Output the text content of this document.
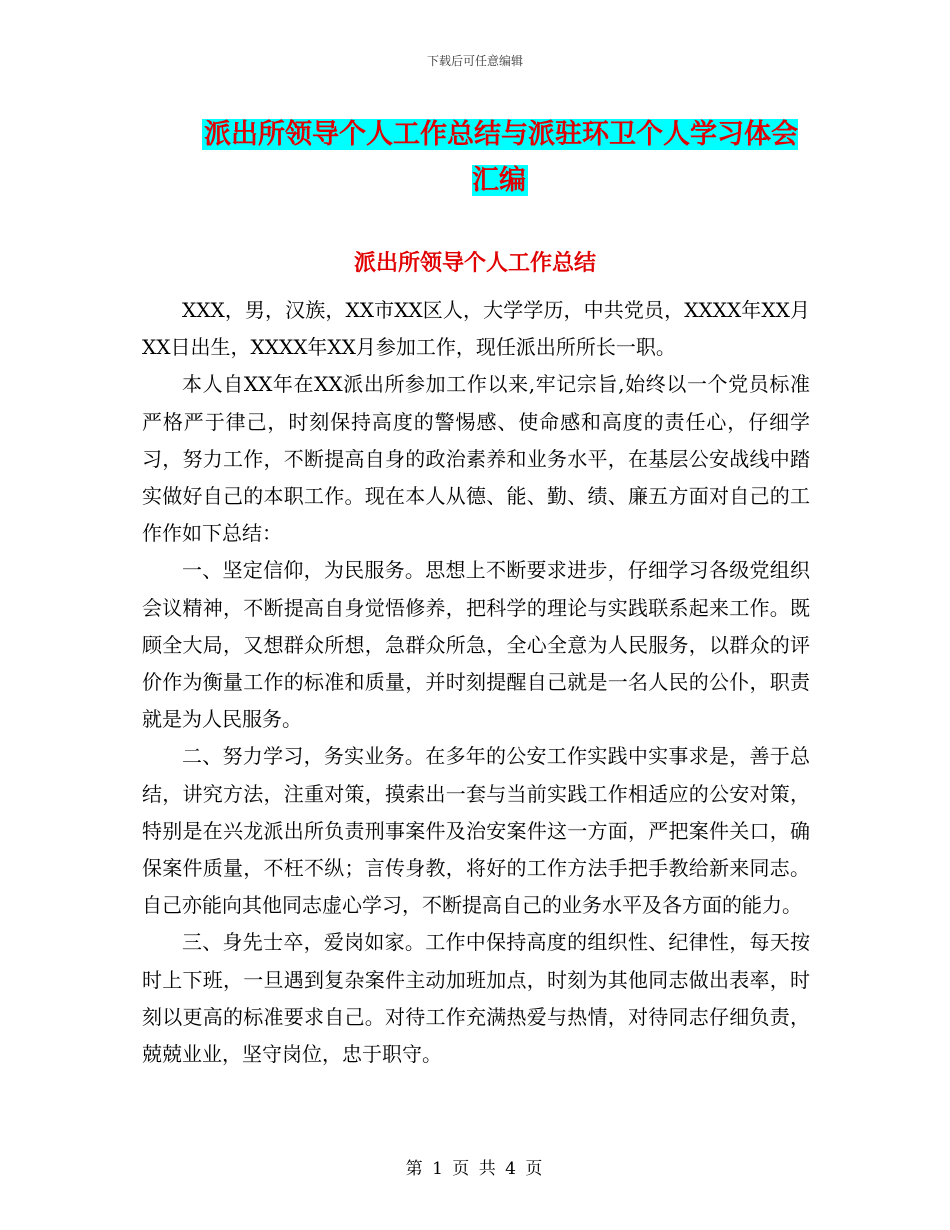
下载后可任意编辑
派出所领导个人工作总结与派驻环卫个人学习体会汇编
派出所领导个人工作总结

XXX，男，汉族，XX市XX区人，大学学历，中共党员，XXXX年XX月XX日出生，XXXX年XX月参加工作，现任派出所所长一职。

本人自XX年在XX派出所参加工作以来,牢记宗旨,始终以一个党员标准严格严于律己，时刻保持高度的警惕感、使命感和高度的责任心，仔细学习，努力工作，不断提高自身的政治素养和业务水平，在基层公安战线中踏实做好自己的本职工作。现在本人从德、能、勤、绩、廉五方面对自己的工作作如下总结：

一、坚定信仰，为民服务。思想上不断要求进步，仔细学习各级党组织会议精神，不断提高自身觉悟修养，把科学的理论与实践联系起来工作。既顾全大局，又想群众所想，急群众所急，全心全意为人民服务，以群众的评价作为衡量工作的标准和质量，并时刻提醒自己就是一名人民的公仆，职责就是为人民服务。

二、努力学习，务实业务。在多年的公安工作实践中实事求是，善于总结，讲究方法，注重对策，摸索出一套与当前实践工作相适应的公安对策，特别是在兴龙派出所负责刑事案件及治安案件这一方面，严把案件关口，确保案件质量，不枉不纵；言传身教，将好的工作方法手把手教给新来同志。自己亦能向其他同志虚心学习，不断提高自己的业务水平及各方面的能力。

三、身先士卒，爱岗如家。工作中保持高度的组织性、纪律性，每天按时上下班，一旦遇到复杂案件主动加班加点，时刻为其他同志做出表率，时刻以更高的标准要求自己。对待工作充满热爱与热情，对待同志仔细负责，兢兢业业，坚守岗位，忠于职守。

第 1 页 共 4 页
